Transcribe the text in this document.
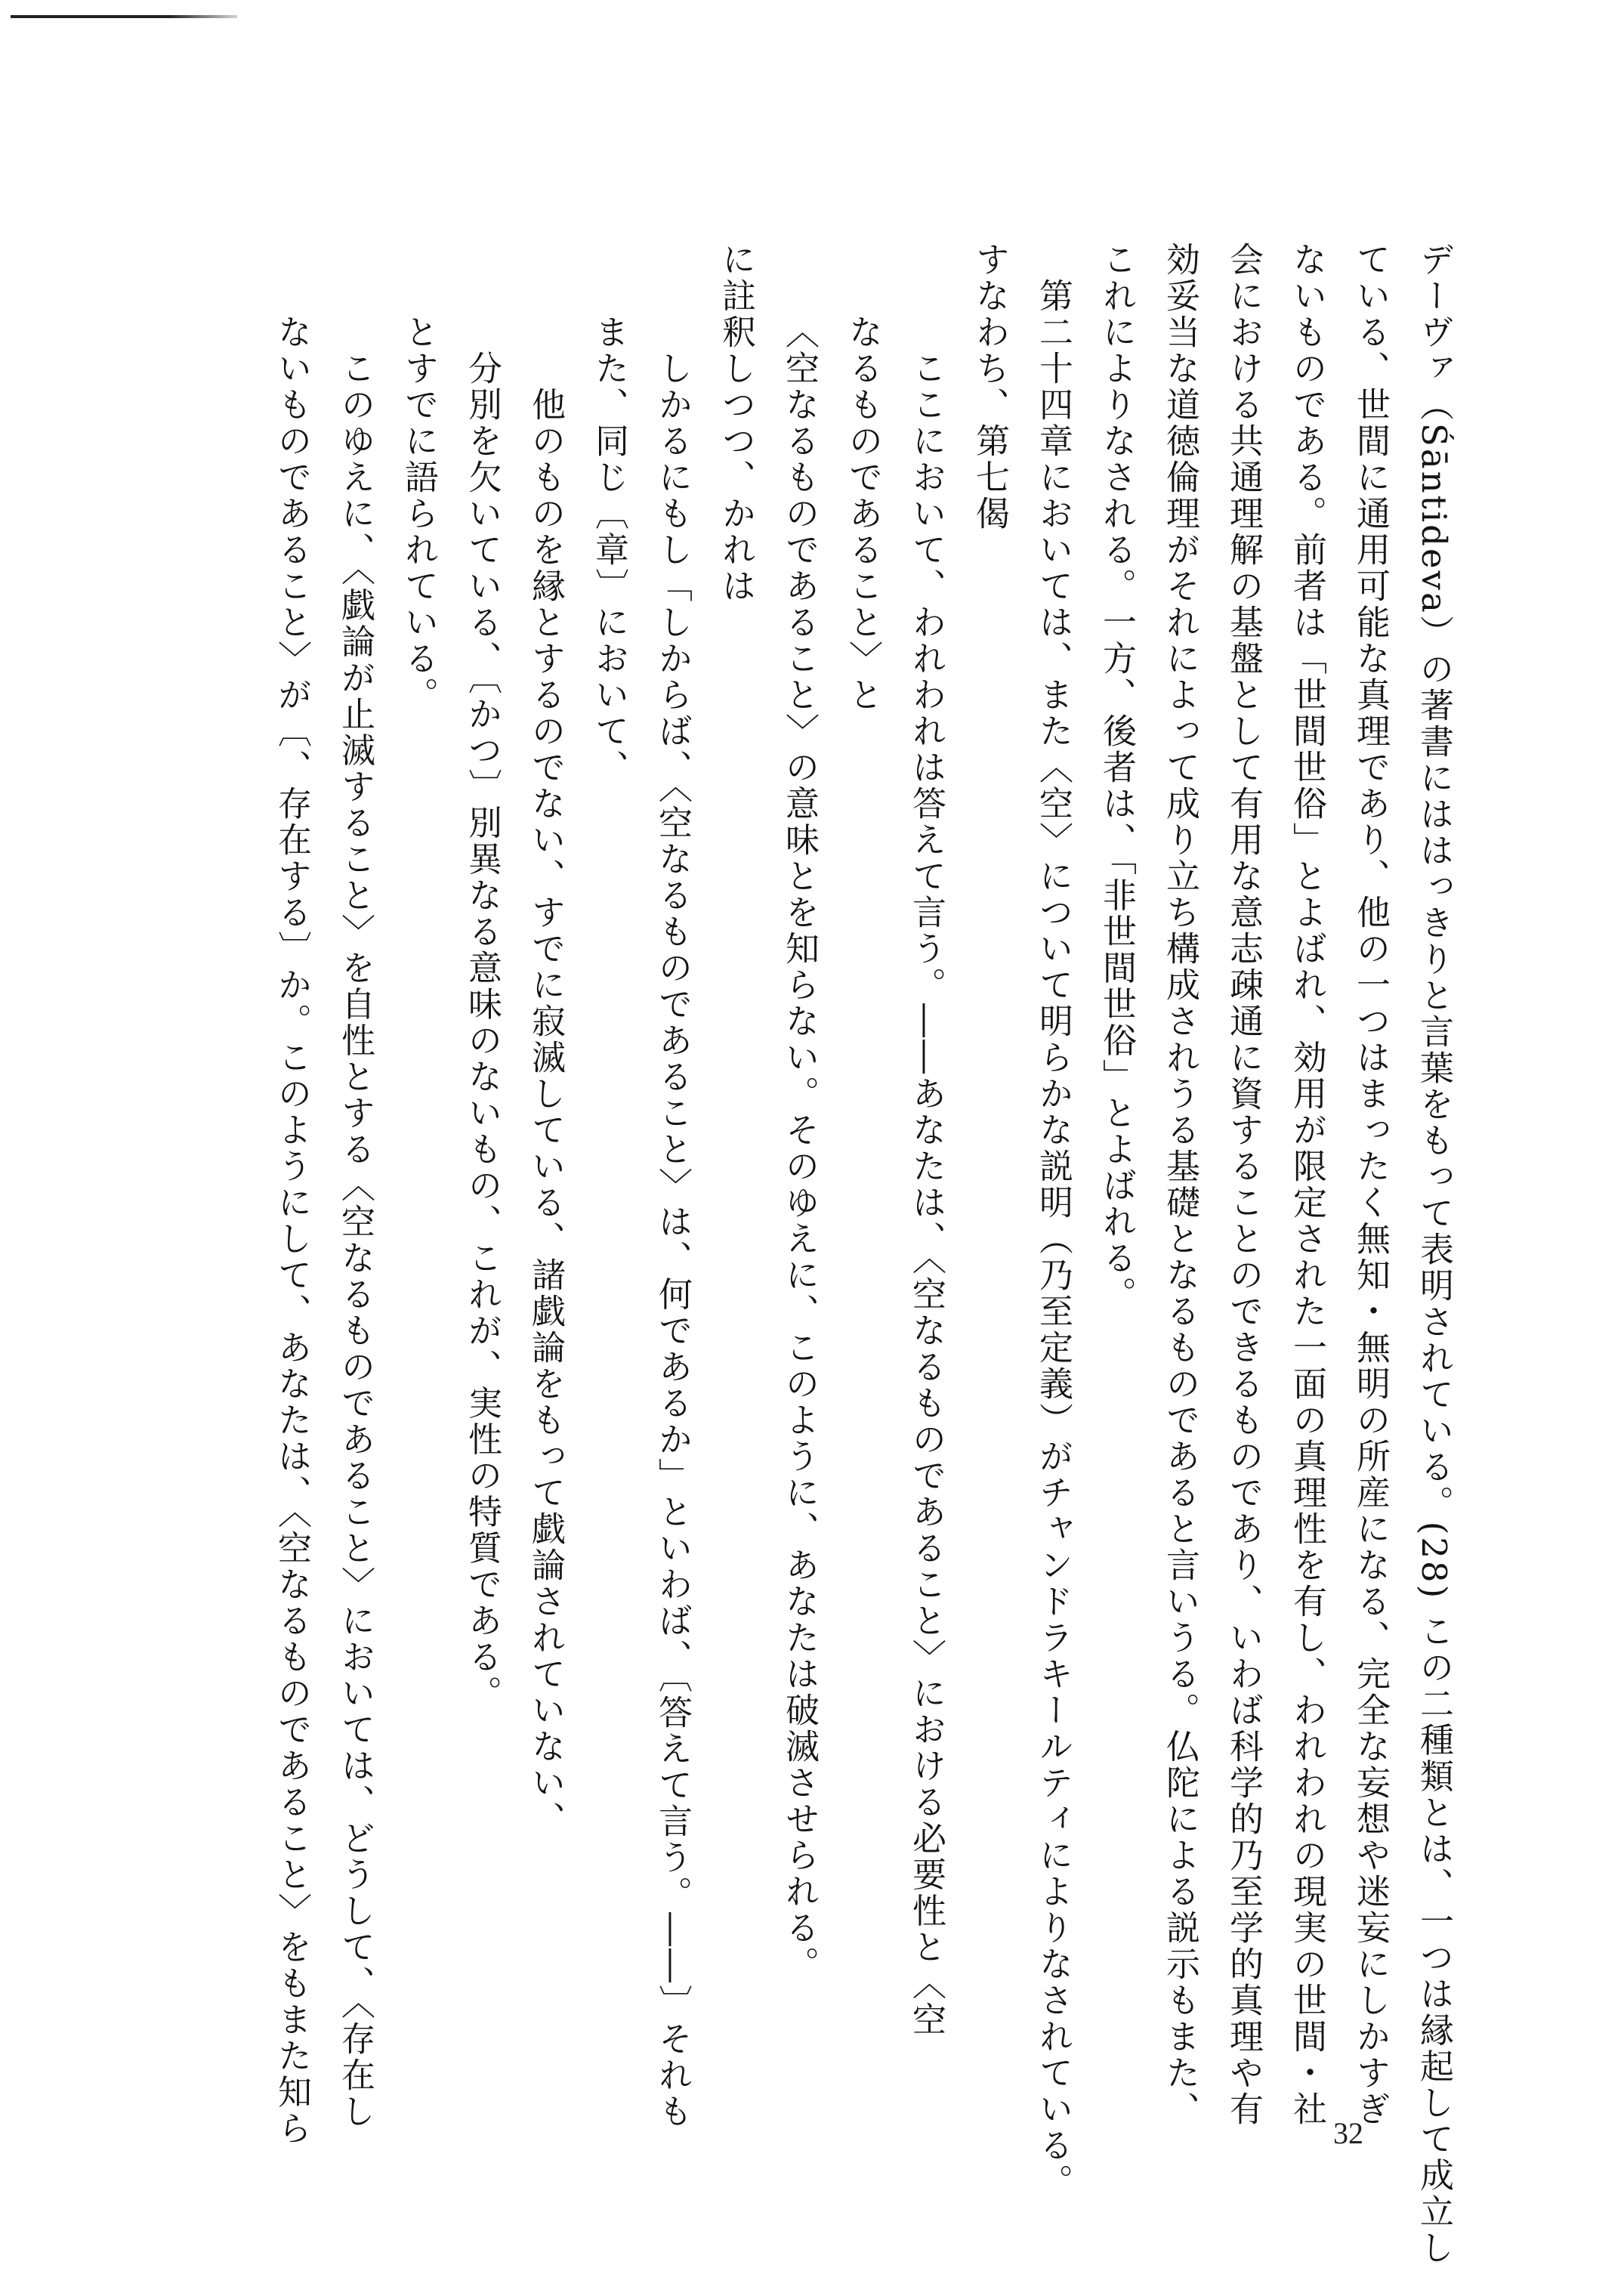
デーヴァ（Śāntideva）の著書にははっきりと言葉をもって表明されている。(28) この二種類とは、一つは縁起して成立し

ている、世間に通用可能な真理であり、他の一つはまったく無知・無明の所産になる、完全な妄想や迷妄にしかすぎ

ないものである。前者は「世間世俗」とよばれ、効用が限定された一面の真理性を有し、われわれの現実の世間・社

会における共通理解の基盤として有用な意志疎通に資することのできるものであり、いわば科学的乃至学的真理や有

効妥当な道徳倫理がそれによって成り立ち構成されうる基礎となるものであると言いうる。仏陀による説示もまた、

これによりなされる。一方、後者は、「非世間世俗」とよばれる。

第二十四章においては、また〈空〉について明らかな説明（乃至定義）がチャンドラキールティによりなされている。

すなわち、第七偈

ここにおいて、われわれは答えて言う。――あなたは、〈空なるものであること〉における必要性と〈空

なるものであること〉と

〈空なるものであること〉の意味とを知らない。そのゆえに、このように、あなたは破滅させられる。

に註釈しつつ、かれは

しかるにもし「しからば、〈空なるものであること〉は、何であるか」といわば、〔答えて言う。――〕それも

また、同じ〔章〕において、

他のものを縁とするのでない、すでに寂滅している、諸戯論をもって戯論されていない、

分別を欠いている、〔かつ〕別異なる意味のないもの、これが、実性の特質である。

とすでに語られている。

このゆえに、〈戯論が止滅すること〉を自性とする〈空なるものであること〉においては、どうして、〈存在し

ないものであること〉が〔、存在する〕か。このようにして、あなたは、〈空なるものであること〉をもまた知ら	32
